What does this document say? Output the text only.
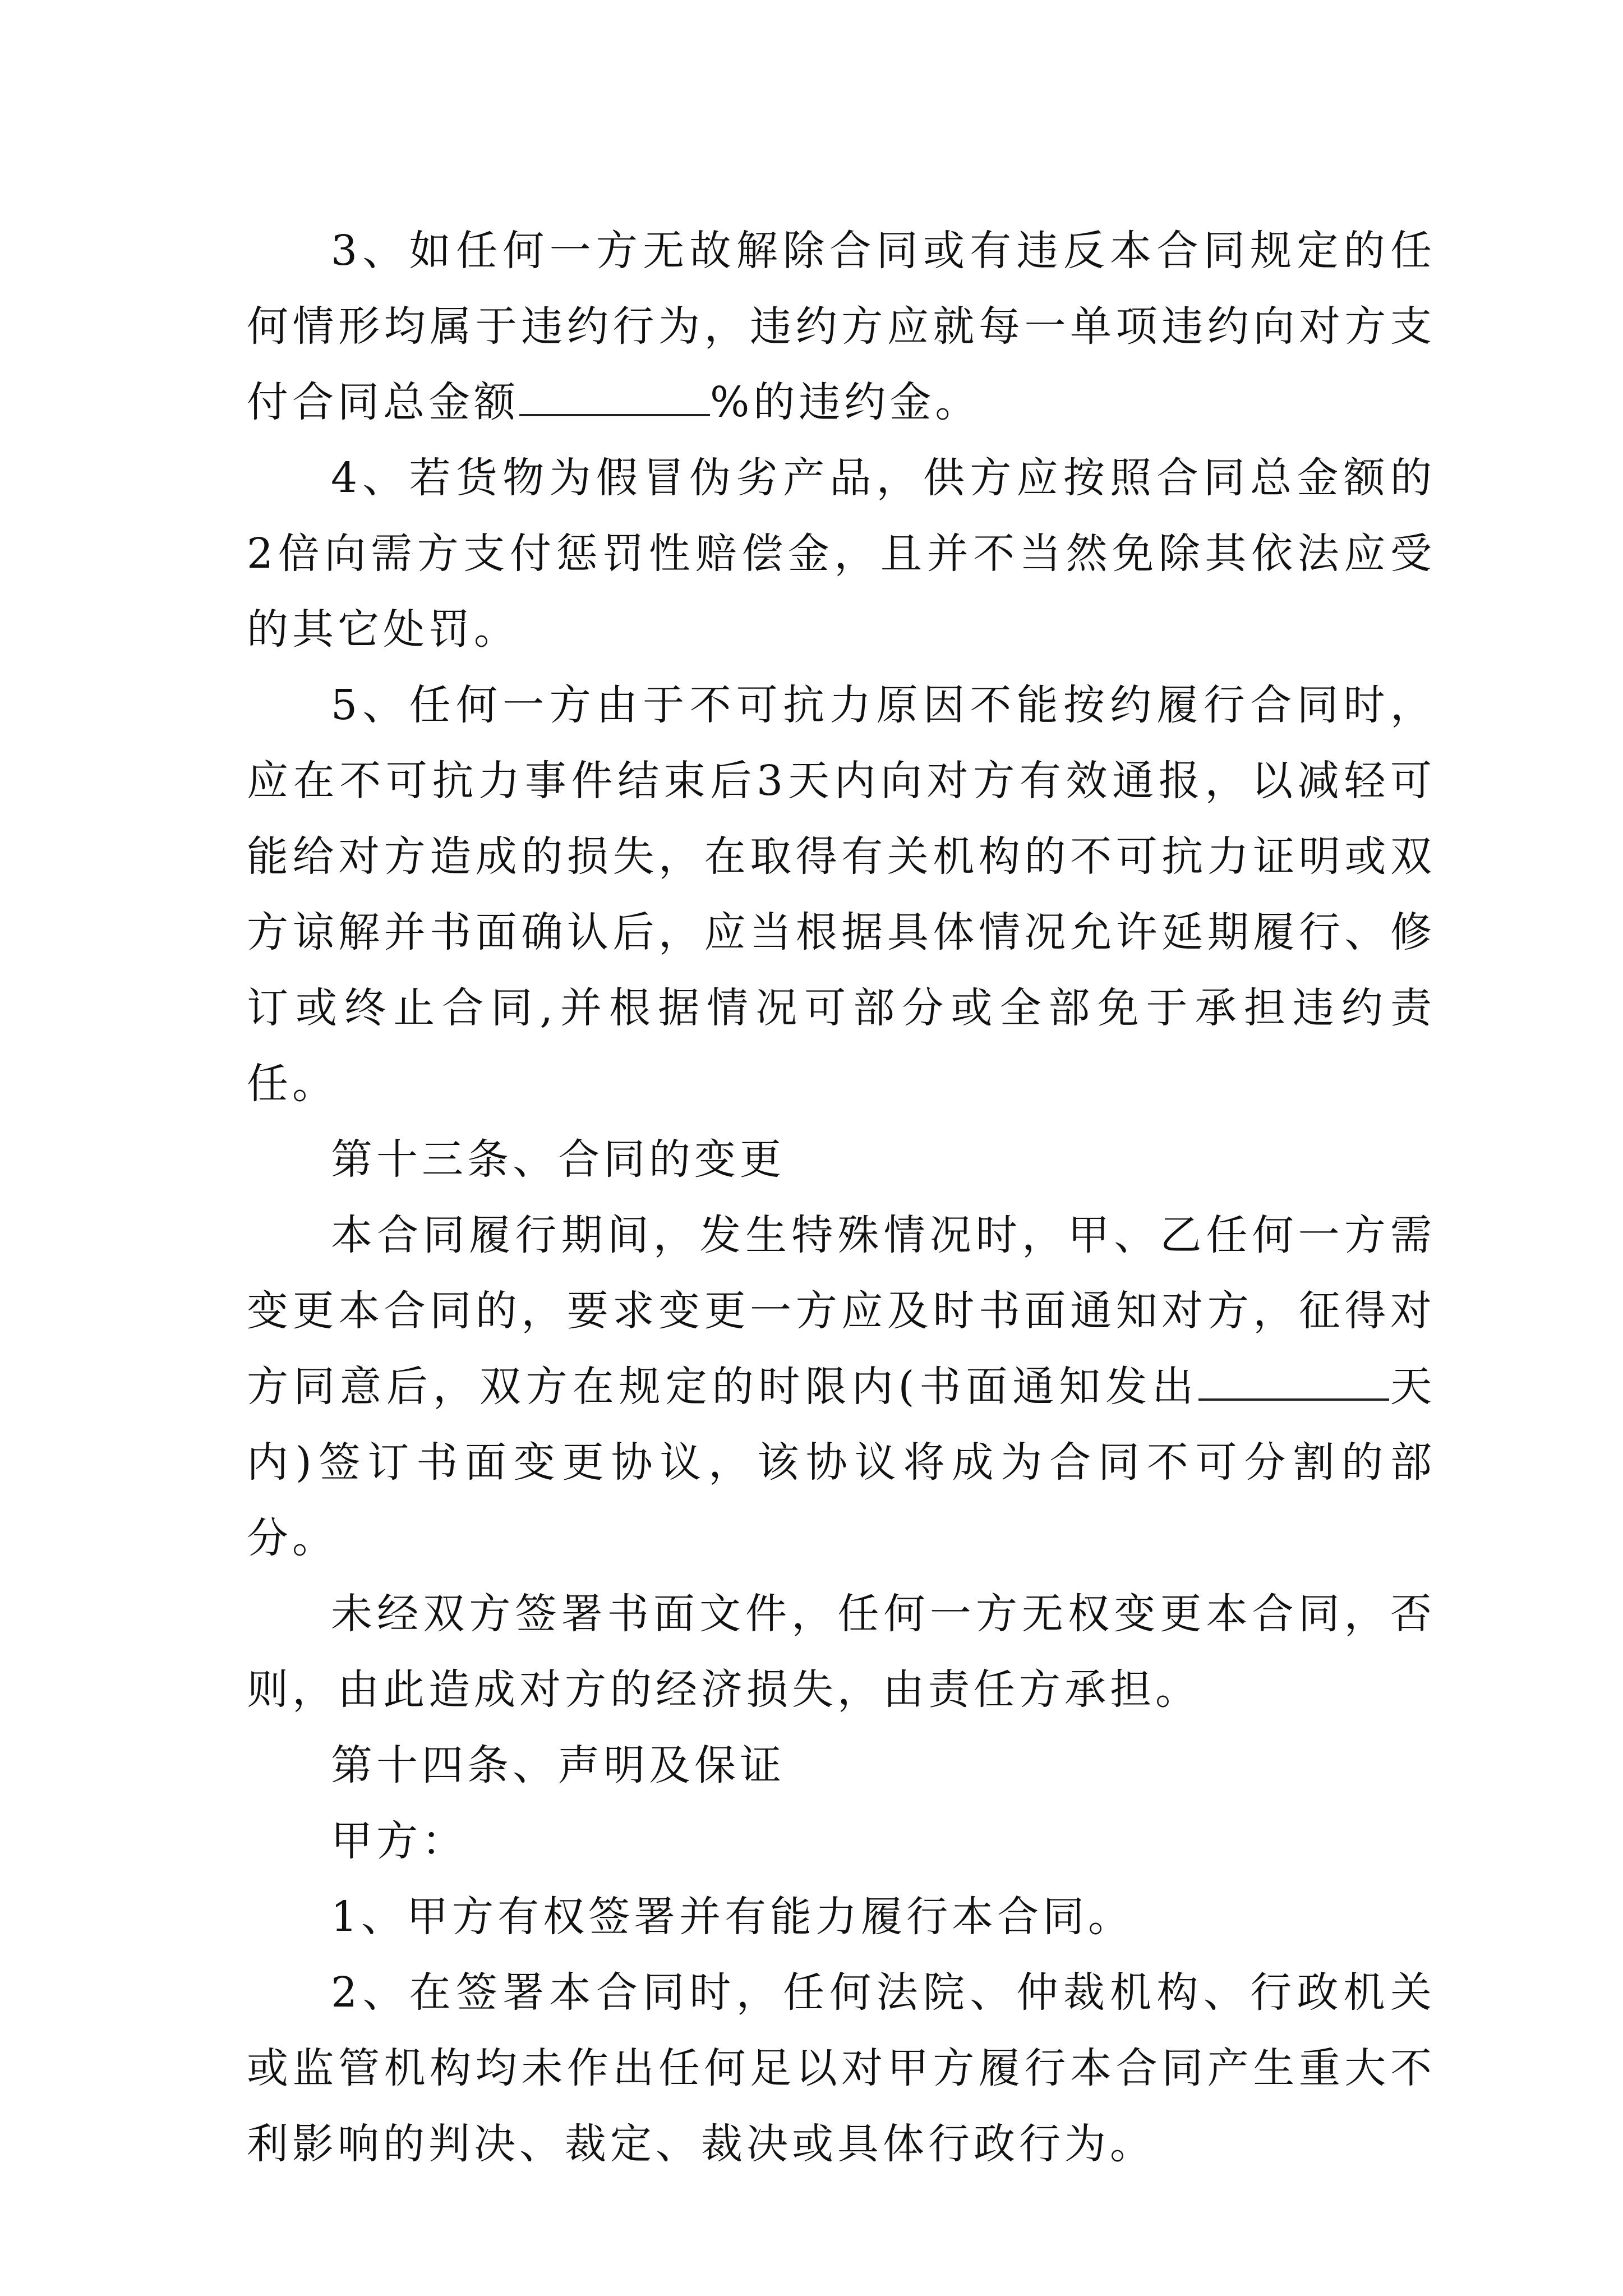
3、如任何一方无故解除合同或有违反本合同规定的任何情形均属于违约行为，违约方应就每一单项违约向对方支付合同总金额	%的违约金。

4、若货物为假冒伪劣产品，供方应按照合同总金额的2倍向需方支付惩罚性赔偿金，且并不当然免除其依法应受的其它处罚。

5、任何一方由于不可抗力原因不能按约履行合同时，应在不可抗力事件结束后3天内向对方有效通报，以减轻可能给对方造成的损失，在取得有关机构的不可抗力证明或双方谅解并书面确认后，应当根据具体情况允许延期履行、修订或终止合同,并根据情况可部分或全部免于承担违约责任。

第十三条、合同的变更

本合同履行期间，发生特殊情况时，甲、乙任何一方需变更本合同的，要求变更一方应及时书面通知对方，征得对方同意后，双方在规定的时限内(书面通知发出	天内)签订书面变更协议，该协议将成为合同不可分割的部分。

未经双方签署书面文件，任何一方无权变更本合同，否则，由此造成对方的经济损失，由责任方承担。

第十四条、声明及保证

甲方：

1、甲方有权签署并有能力履行本合同。

2、在签署本合同时，任何法院、仲裁机构、行政机关或监管机构均未作出任何足以对甲方履行本合同产生重大不利影响的判决、裁定、裁决或具体行政行为。
